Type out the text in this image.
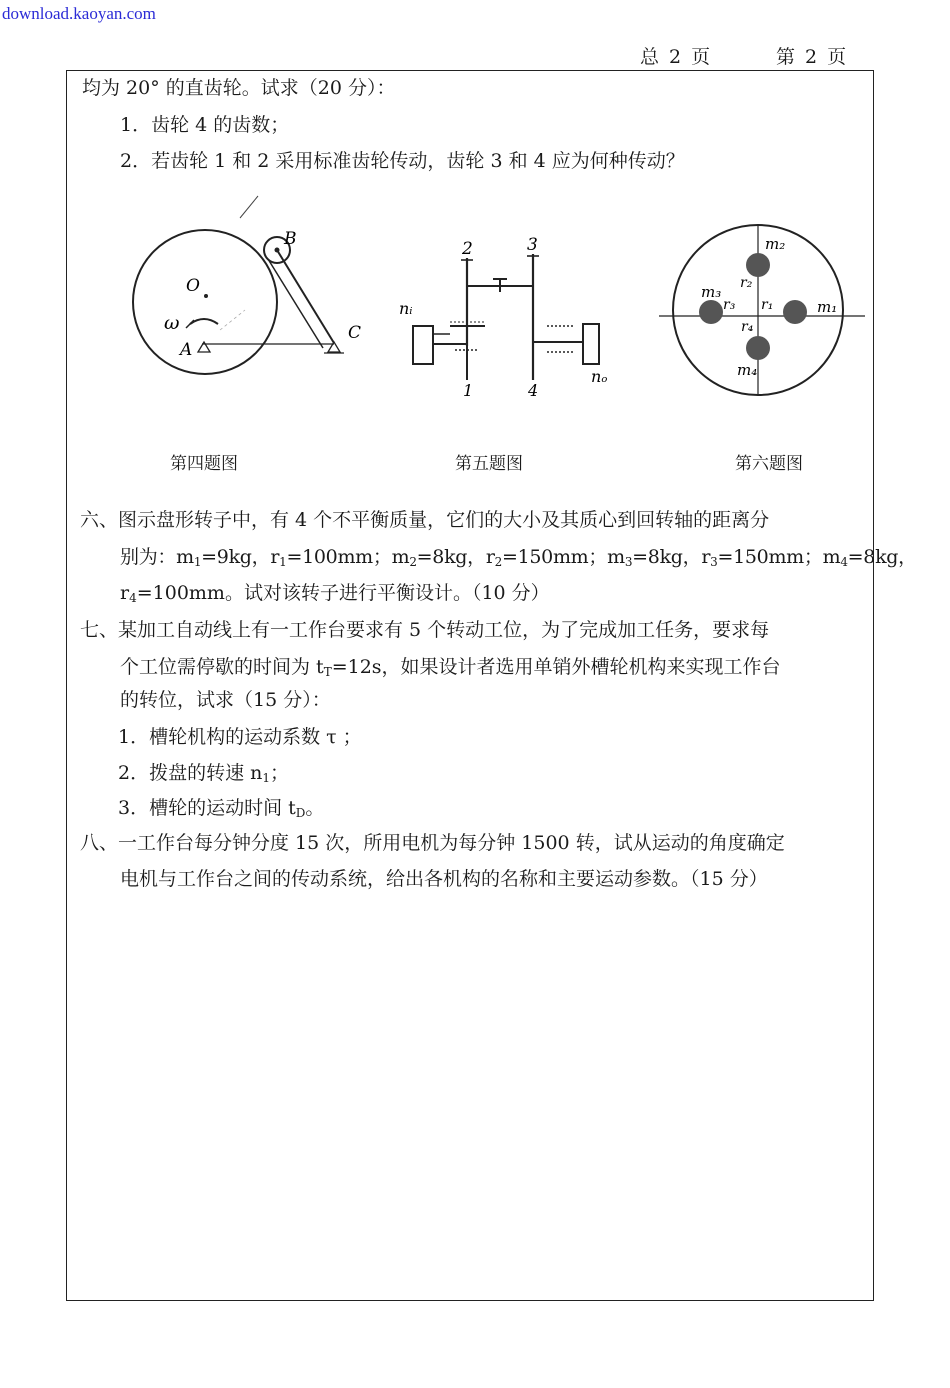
download.kaoyan.com
总 2 页	第 2 页
均为 20° 的直齿轮。试求（20 分）：
1．齿轮 4 的齿数；
2．若齿轮 1 和 2 采用标准齿轮传动，齿轮 3 和 4 应为何种传动？
B
O
ω
A
C
2	3
nᵢ
nₒ
1	4
m₂
m₁
m₃
m₄
r₂
r₁
r₃
r₄
第四题图	第五题图	第六题图
六、图示盘形转子中，有 4 个不平衡质量，它们的大小及其质心到回转轴的距离分
别为：$m_1=9kg$，$r_1=100mm$；$m_2=8kg$，$r_2=150mm$；$m_3=8kg$，$r_3=150mm$；$m_4=8kg$，
$r_4=100mm$。试对该转子进行平衡设计。（10 分）
七、某加工自动线上有一工作台要求有 5 个转动工位，为了完成加工任务，要求每
个工位需停歇的时间为 $t_T=12s$，如果设计者选用单销外槽轮机构来实现工作台
的转位，试求（15 分）：
1．槽轮机构的运动系数 τ ；
2．拨盘的转速 $n_1$；
3．槽轮的运动时间 $t_D$。
八、一工作台每分钟分度 15 次，所用电机为每分钟 1500 转，试从运动的角度确定
电机与工作台之间的传动系统，给出各机构的名称和主要运动参数。（15 分）
